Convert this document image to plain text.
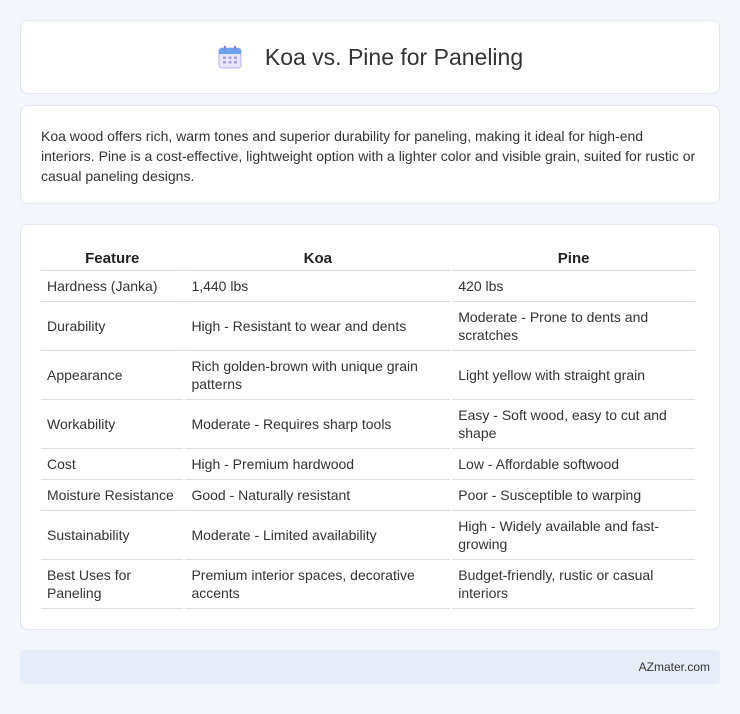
Koa vs. Pine for Paneling

Koa wood offers rich, warm tones and superior durability for paneling, making it ideal for high-end interiors. Pine is a cost-effective, lightweight option with a lighter color and visible grain, suited for rustic or casual paneling designs.

Feature	Koa	Pine
Hardness (Janka)	1,440 lbs	420 lbs
Durability	High - Resistant to wear and dents	Moderate - Prone to dents and scratches
Appearance	Rich golden-brown with unique grain patterns	Light yellow with straight grain
Workability	Moderate - Requires sharp tools	Easy - Soft wood, easy to cut and shape
Cost	High - Premium hardwood	Low - Affordable softwood
Moisture Resistance	Good - Naturally resistant	Poor - Susceptible to warping
Sustainability	Moderate - Limited availability	High - Widely available and fast-growing
Best Uses for Paneling	Premium interior spaces, decorative accents	Budget-friendly, rustic or casual interiors
AZmater.com
